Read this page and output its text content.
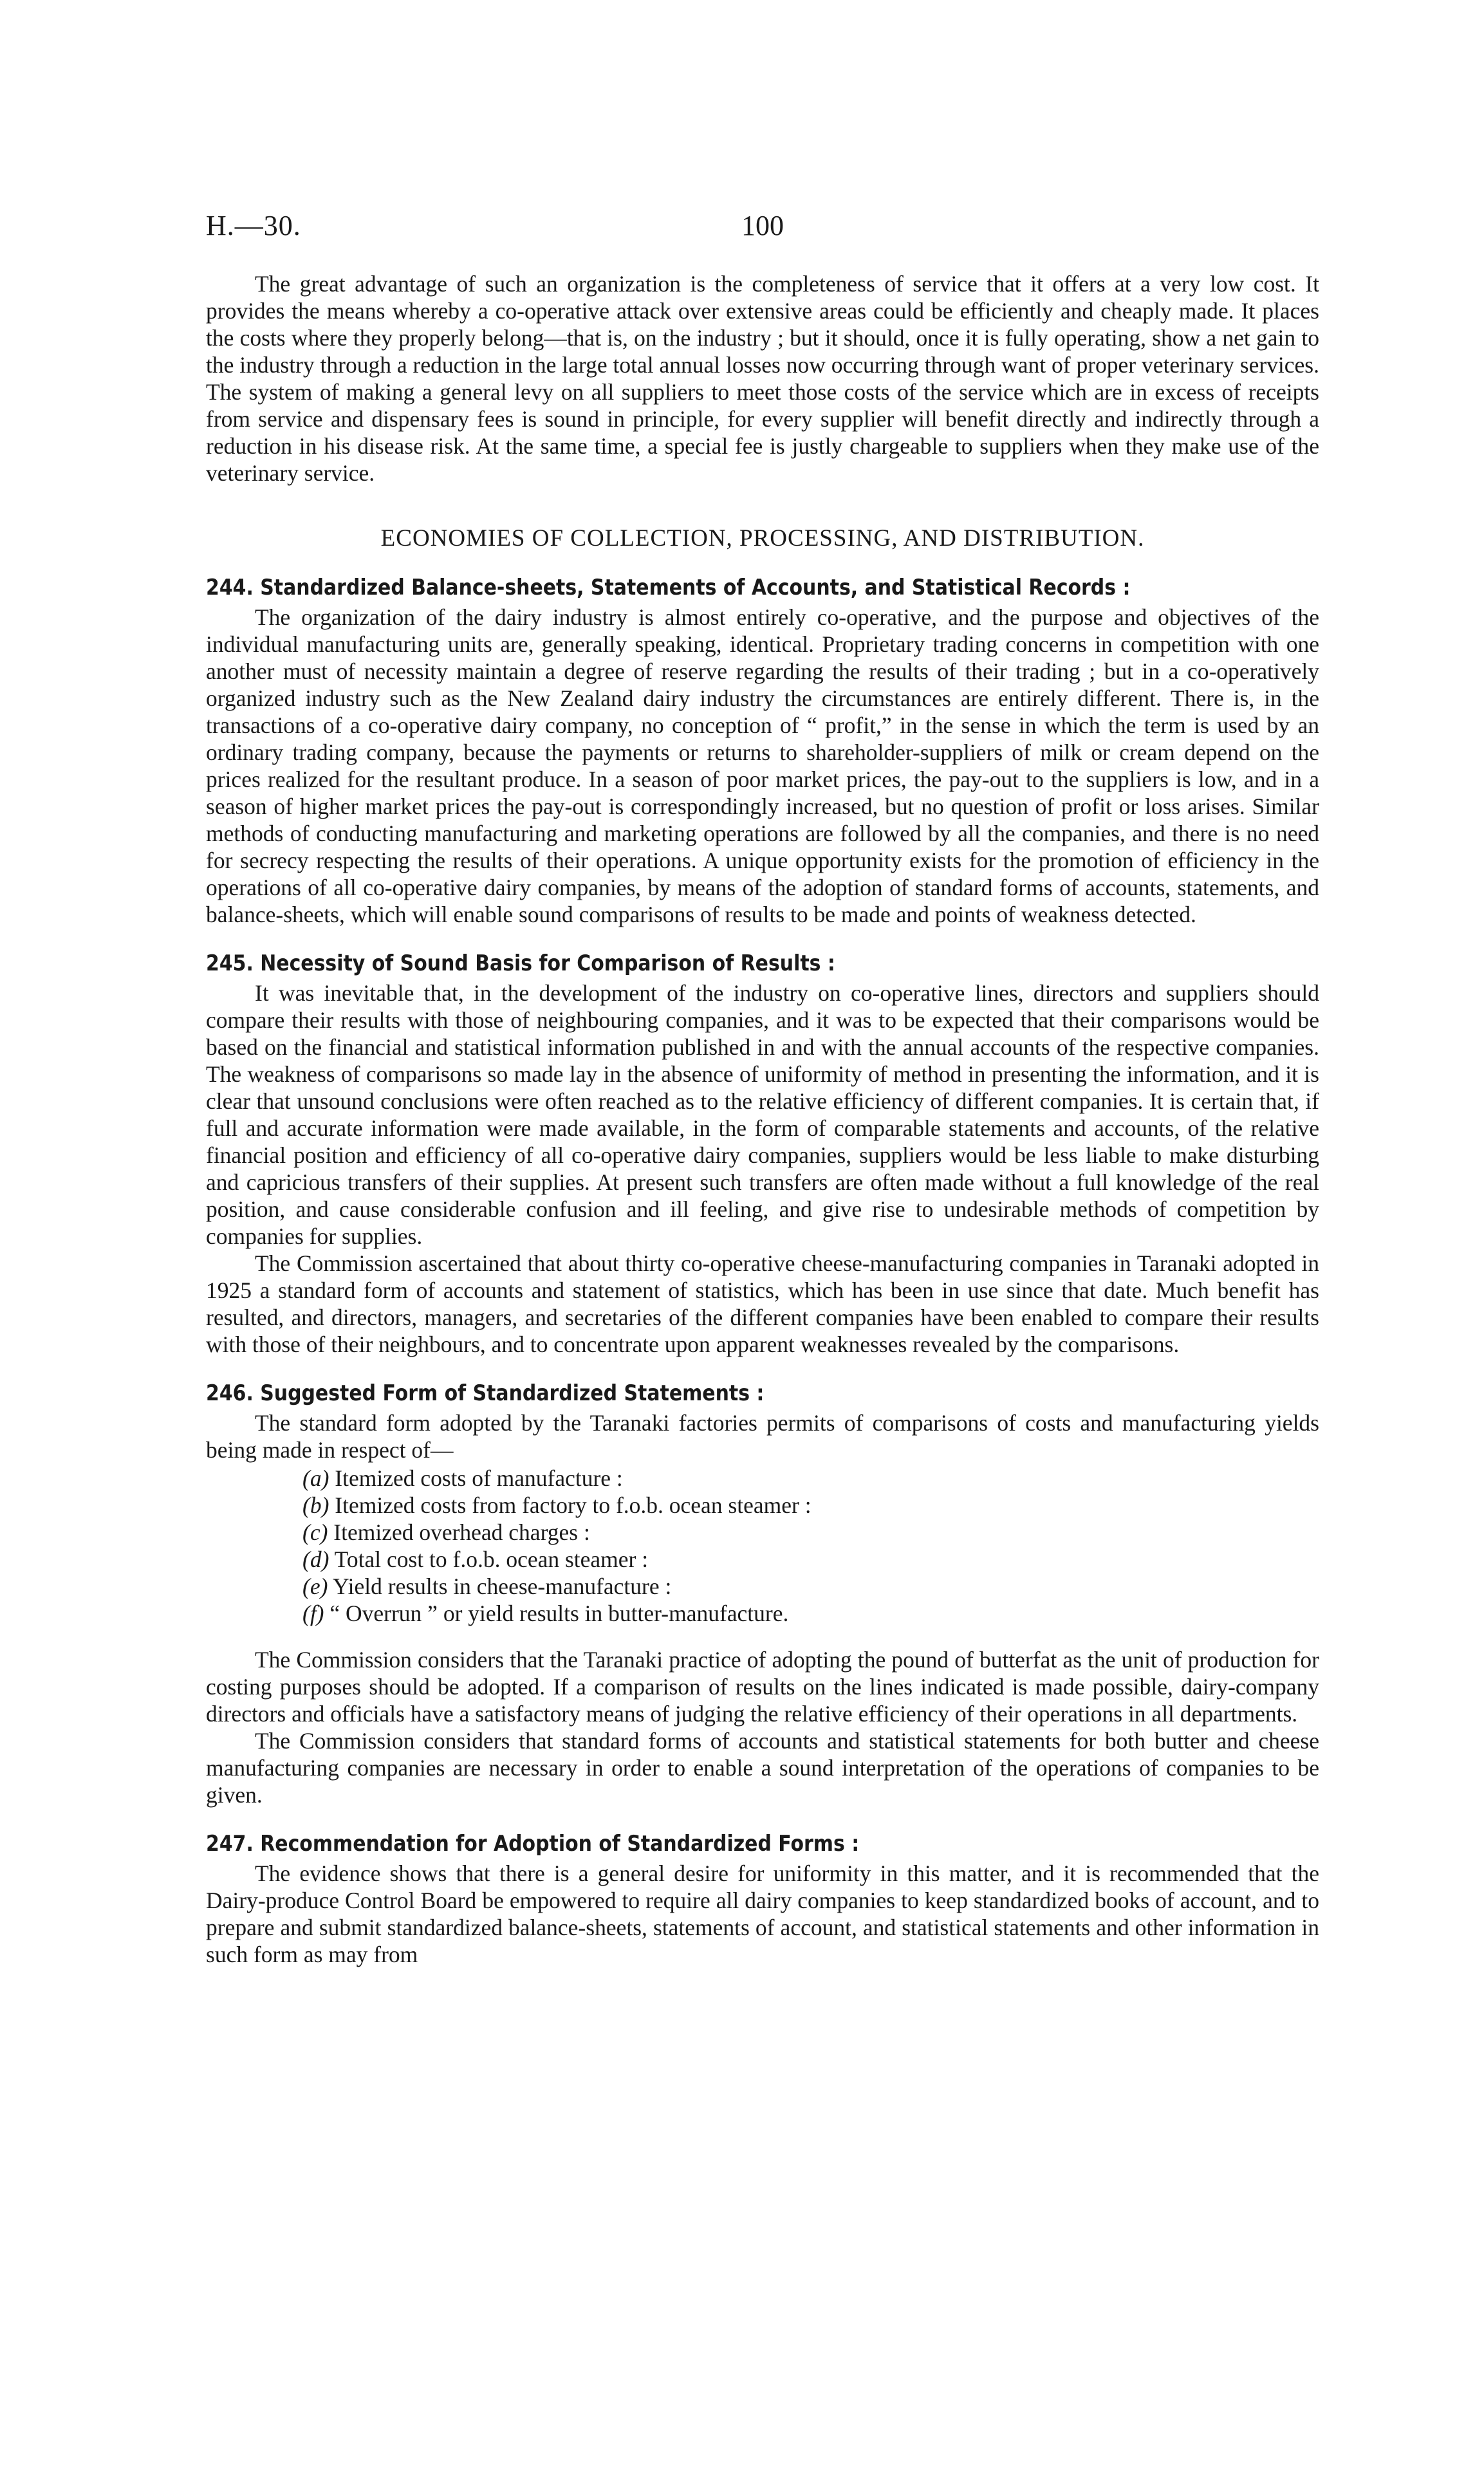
H.—30.	100

The great advantage of such an organization is the completeness of service that it offers at a very low cost. It provides the means whereby a co-operative attack over extensive areas could be efficiently and cheaply made. It places the costs where they properly belong—that is, on the industry ; but it should, once it is fully operating, show a net gain to the industry through a reduction in the large total annual losses now occurring through want of proper veterinary services. The system of making a general levy on all suppliers to meet those costs of the service which are in excess of receipts from service and dispensary fees is sound in principle, for every supplier will benefit directly and indirectly through a reduction in his disease risk. At the same time, a special fee is justly chargeable to suppliers when they make use of the veterinary service.

ECONOMIES OF COLLECTION, PROCESSING, AND DISTRIBUTION.
244. Standardized Balance-sheets, Statements of Accounts, and Statistical Records :

The organization of the dairy industry is almost entirely co-operative, and the purpose and objectives of the individual manufacturing units are, generally speaking, identical. Proprietary trading concerns in competition with one another must of necessity maintain a degree of reserve regarding the results of their trading ; but in a co-operatively organized industry such as the New Zealand dairy industry the circumstances are entirely different. There is, in the transactions of a co-operative dairy company, no conception of “ profit,” in the sense in which the term is used by an ordinary trading company, because the payments or returns to shareholder-suppliers of milk or cream depend on the prices realized for the resultant produce. In a season of poor market prices, the pay-out to the suppliers is low, and in a season of higher market prices the pay-out is correspondingly increased, but no question of profit or loss arises. Similar methods of conducting manufacturing and marketing operations are followed by all the companies, and there is no need for secrecy respecting the results of their operations. A unique opportunity exists for the promotion of efficiency in the operations of all co-operative dairy companies, by means of the adoption of standard forms of accounts, statements, and balance-sheets, which will enable sound comparisons of results to be made and points of weakness detected.

245. Necessity of Sound Basis for Comparison of Results :

It was inevitable that, in the development of the industry on co-operative lines, directors and suppliers should compare their results with those of neighbouring companies, and it was to be expected that their comparisons would be based on the financial and statistical information published in and with the annual accounts of the respective companies. The weakness of comparisons so made lay in the absence of uniformity of method in presenting the information, and it is clear that unsound conclusions were often reached as to the relative efficiency of different companies. It is certain that, if full and accurate information were made available, in the form of comparable statements and accounts, of the relative financial position and efficiency of all co-operative dairy companies, suppliers would be less liable to make disturbing and capricious transfers of their supplies. At present such transfers are often made without a full knowledge of the real position, and cause considerable confusion and ill feeling, and give rise to undesirable methods of competition by companies for supplies.

The Commission ascertained that about thirty co-operative cheese-manufacturing companies in Taranaki adopted in 1925 a standard form of accounts and statement of statistics, which has been in use since that date. Much benefit has resulted, and directors, managers, and secretaries of the different companies have been enabled to compare their results with those of their neighbours, and to concentrate upon apparent weaknesses revealed by the comparisons.

246. Suggested Form of Standardized Statements :

The standard form adopted by the Taranaki factories permits of comparisons of costs and manufacturing yields being made in respect of—

(a) Itemized costs of manufacture :
(b) Itemized costs from factory to f.o.b. ocean steamer :
(c) Itemized overhead charges :
(d) Total cost to f.o.b. ocean steamer :
(e) Yield results in cheese-manufacture :
(f) “ Overrun ” or yield results in butter-manufacture.

The Commission considers that the Taranaki practice of adopting the pound of butterfat as the unit of production for costing purposes should be adopted. If a comparison of results on the lines indicated is made possible, dairy-company directors and officials have a satisfactory means of judging the relative efficiency of their operations in all departments.

The Commission considers that standard forms of accounts and statistical statements for both butter and cheese manufacturing companies are necessary in order to enable a sound interpretation of the operations of companies to be given.

247. Recommendation for Adoption of Standardized Forms :

The evidence shows that there is a general desire for uniformity in this matter, and it is recommended that the Dairy-produce Control Board be empowered to require all dairy companies to keep standardized books of account, and to prepare and submit standardized balance-sheets, statements of account, and statistical statements and other information in such form as may from
